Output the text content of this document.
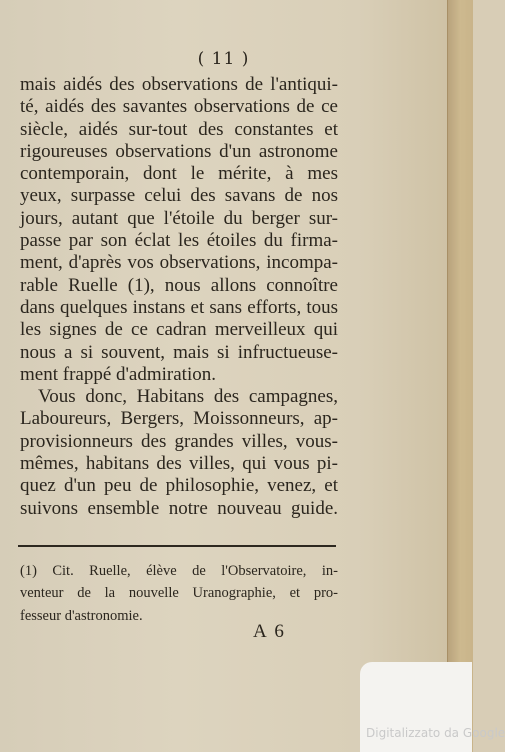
( 11 )
mais aidés des observations de l'antiqui-
té, aidés des savantes observations de ce
siècle, aidés sur-tout des constantes et
rigoureuses observations d'un astronome
contemporain, dont le mérite, à mes
yeux, surpasse celui des savans de nos
jours, autant que l'étoile du berger sur-
passe par son éclat les étoiles du firma-
ment, d'après vos observations, incompa-
rable Ruelle (1), nous allons connoître
dans quelques instans et sans efforts, tous
les signes de ce cadran merveilleux qui
nous a si souvent, mais si infructueuse-
ment frappé d'admiration.
Vous donc, Habitans des campagnes,
Laboureurs, Bergers, Moissonneurs, ap-
provisionneurs des grandes villes, vous-
mêmes, habitans des villes, qui vous pi-
quez d'un peu de philosophie, venez, et
suivons ensemble notre nouveau guide.
(1) Cit. Ruelle, élève de l'Observatoire, in-
venteur de la nouvelle Uranographie, et pro-
fesseur d'astronomie.
A 6
Digitalizzato da Google
